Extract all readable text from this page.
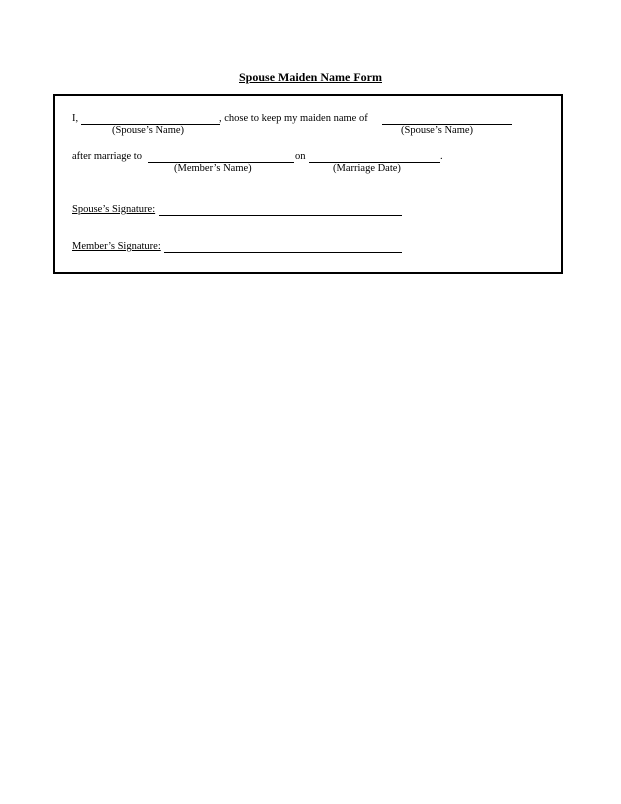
Spouse Maiden Name Form
I,	, chose to keep my maiden name of
(Spouse’s Name)	(Spouse’s Name)
after marriage to	on	.
(Member’s Name)	(Marriage Date)
Spouse’s Signature:
Member’s Signature:
